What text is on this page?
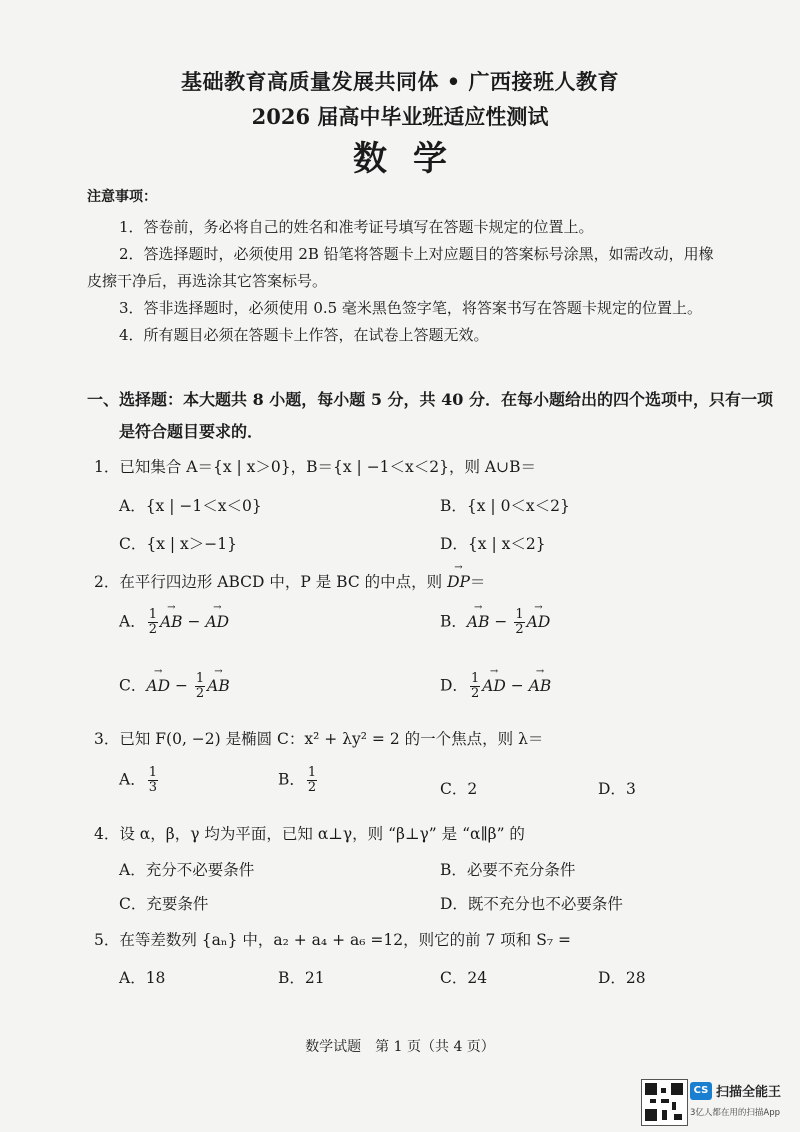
基础教育高质量发展共同体 • 广西接班人教育
2026 届高中毕业班适应性测试
数学
注意事项：
1．答卷前，务必将自己的姓名和准考证号填写在答题卡规定的位置上。
2．答选择题时，必须使用 2B 铅笔将答题卡上对应题目的答案标号涂黑，如需改动，用橡
皮擦干净后，再选涂其它答案标号。
3．答非选择题时，必须使用 0.5 毫米黑色签字笔，将答案书写在答题卡规定的位置上。
4．所有题目必须在答题卡上作答，在试卷上答题无效。
一、选择题：本大题共 8 小题，每小题 5 分，共 40 分．在每小题给出的四个选项中，只有一项
是符合题目要求的．
1．已知集合 A＝{x | x＞0}，B＝{x | −1＜x＜2}，则 A∪B＝
A．{x | −1＜x＜0}	B．{x | 0＜x＜2}
C．{x | x＞−1}	D．{x | x＜2}
2．在平行四边形 ABCD 中，P 是 BC 的中点，则 → DP＝
A． $\frac{1}{2}$ → AB − → AD	B．→ AB − $\frac{1}{2}$ → AD
C．→ AD − $\frac{1}{2}$ → AB	D． $\frac{1}{2}$ → AD − → AB
3．已知 F(0, −2) 是椭圆 C：x² + λy² = 2 的一个焦点，则 λ＝
A． $\frac{1}{3}$	B． $\frac{1}{2}$	C．2	D．3
4．设 α，β，γ 均为平面，已知 α⊥γ，则 “β⊥γ” 是 “α∥β” 的
A．充分不必要条件	B．必要不充分条件
C．充要条件	D．既不充分也不必要条件
5．在等差数列 {aₙ} 中，a₂ + a₄ + a₆ =12，则它的前 7 项和 S₇ =
A．18	B．21	C．24	D．28
数学试题　第 1 页（共 4 页）
CS 扫描全能王
3亿人都在用的扫描App
